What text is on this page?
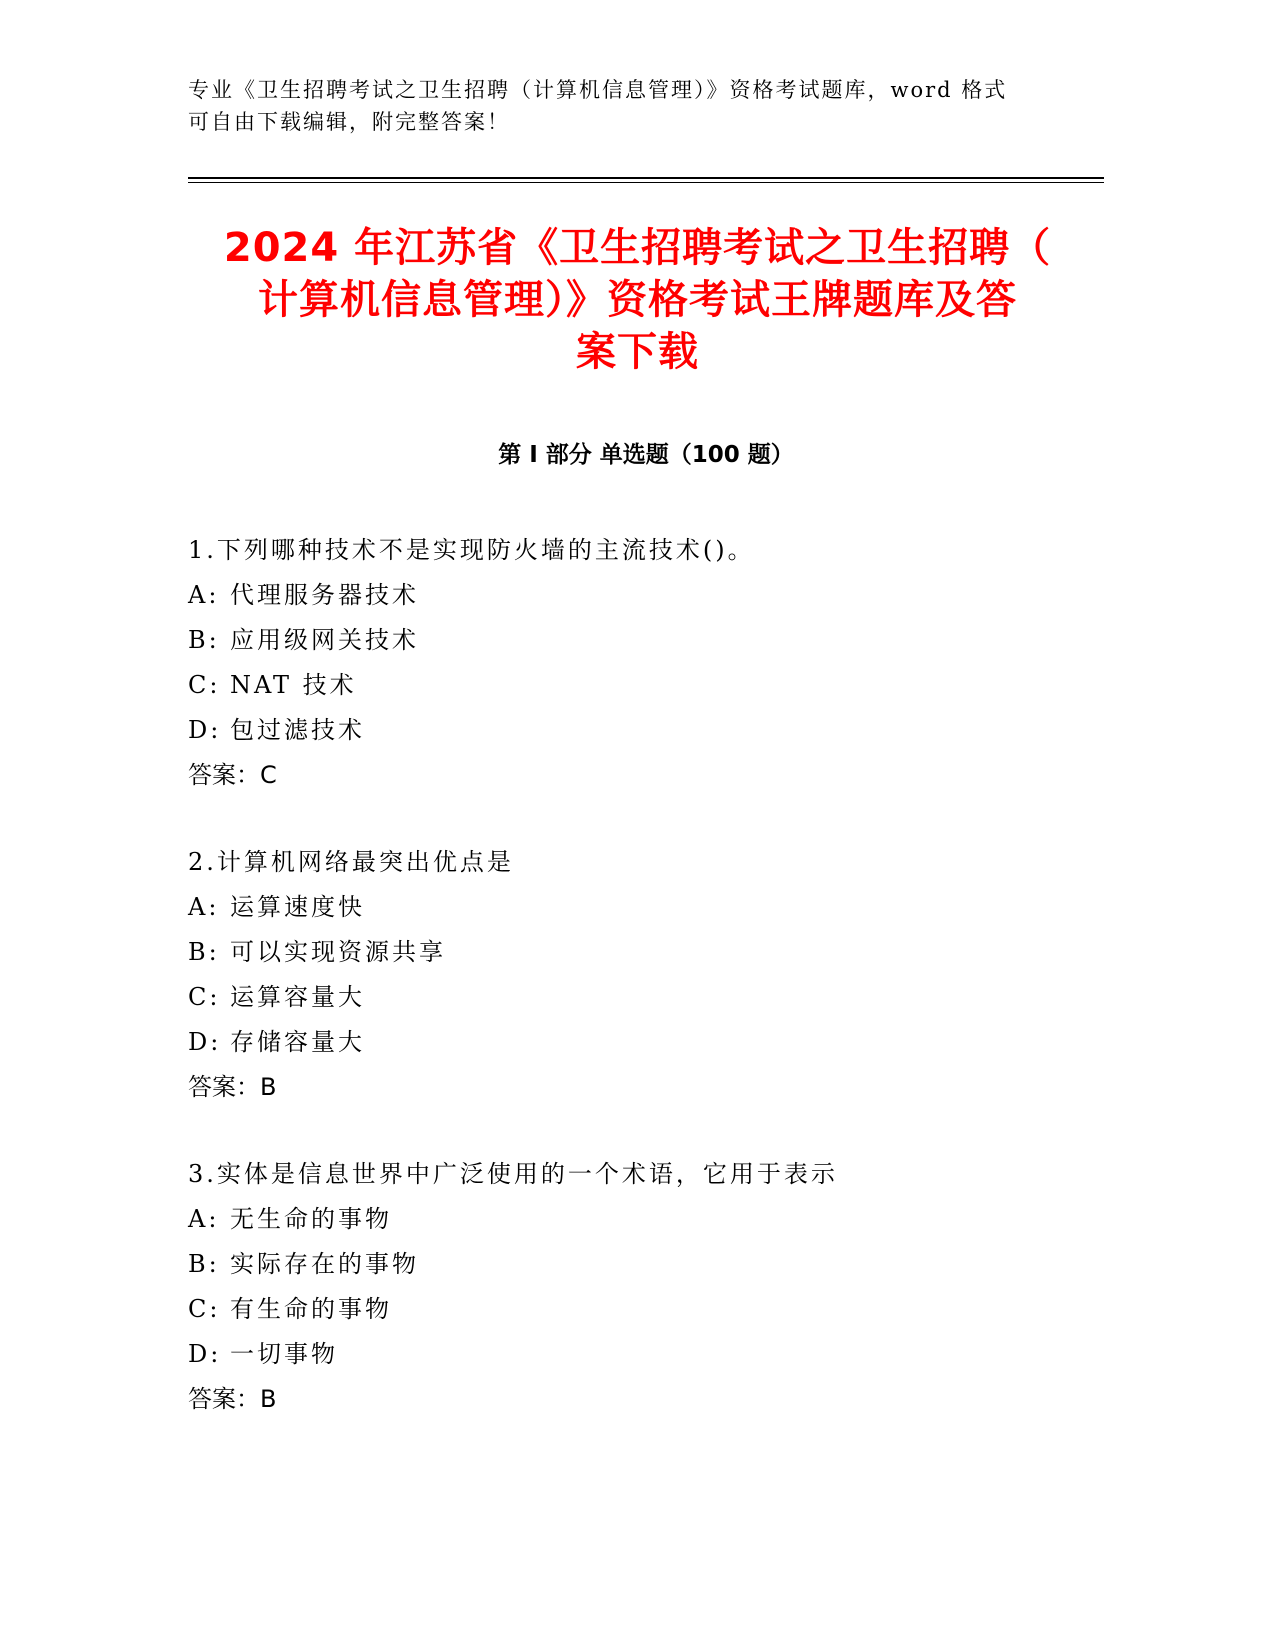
专业《卫生招聘考试之卫生招聘（计算机信息管理）》资格考试题库，word 格式
可自由下载编辑，附完整答案！
2024 年江苏省《卫生招聘考试之卫生招聘（
计算机信息管理）》资格考试王牌题库及答
案下载
第 I 部分 单选题（100 题）
1.下列哪种技术不是实现防火墙的主流技术()。
A: 代理服务器技术
B: 应用级网关技术
C: NAT 技术
D: 包过滤技术
答案：C
2.计算机网络最突出优点是
A: 运算速度快
B: 可以实现资源共享
C: 运算容量大
D: 存储容量大
答案：B
3.实体是信息世界中广泛使用的一个术语，它用于表示
A: 无生命的事物
B: 实际存在的事物
C: 有生命的事物
D: 一切事物
答案：B
